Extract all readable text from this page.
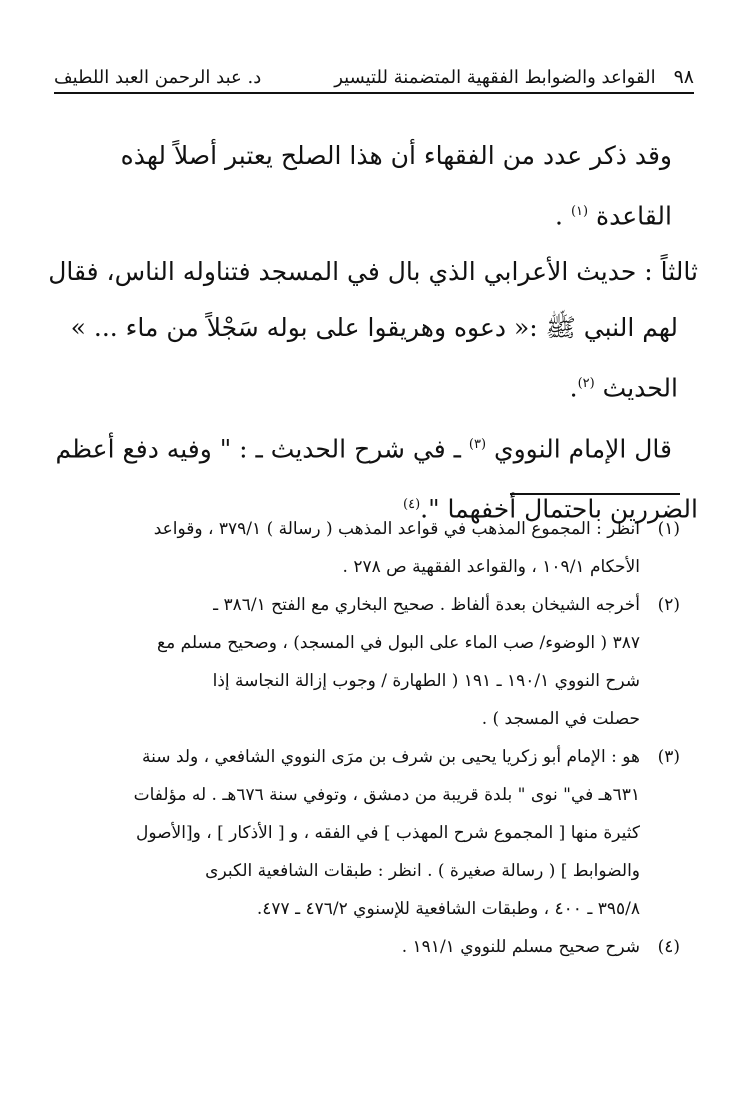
٩٨
القواعد والضوابط الفقهية المتضمنة للتيسير
د. عبد الرحمن العبد اللطيف
وقد ذكر عدد من الفقهاء أن هذا الصلح يعتبر أصلاً لهذه
القاعدة $^{(١)}$ .
ثالثاً : حديث الأعرابي الذي بال في المسجد فتناوله الناس، فقال
لهم النبي ﷺ :« دعوه وهريقوا على بوله سَجْلاً من ماء ... »
الحديث $^{(٢)}$.
قال الإمام النووي $^{(٣)}$ ـ في شرح الحديث ـ : " وفيه دفع أعظم
الضررين باحتمال أخفهما ".$^{(٤)}$
(١)
انظر : المجموع المذهب في قواعد المذهب ( رسالة ) ٣٧٩/١ ، وقواعد
الأحكام ١٠٩/١ ، والقواعد الفقهية ص ٢٧٨ .
(٢)
أخرجه الشيخان بعدة ألفاظ . صحيح البخاري مع الفتح ٣٨٦/١ ـ
٣٨٧ ( الوضوء/ صب الماء على البول في المسجد) ، وصحيح مسلم مع
شرح النووي ١٩٠/١ ـ ١٩١ ( الطهارة / وجوب إزالة النجاسة إذا
حصلت في المسجد ) .
(٣)
هو : الإمام أبو زكريا يحيى بن شرف بن مرَى النووي الشافعي ، ولد سنة
٦٣١هـ في" نوى " بلدة قريبة من دمشق ، وتوفي سنة ٦٧٦هـ . له مؤلفات
كثيرة منها [ المجموع شرح المهذب ] في الفقه ، و [ الأذكار ] ، و[الأصول
والضوابط ] ( رسالة صغيرة ) . انظر : طبقات الشافعية الكبرى
٣٩٥/٨ ـ ٤٠٠ ، وطبقات الشافعية للإسنوي ٤٧٦/٢ ـ ٤٧٧.
(٤)
شرح صحيح مسلم للنووي ١٩١/١ .
